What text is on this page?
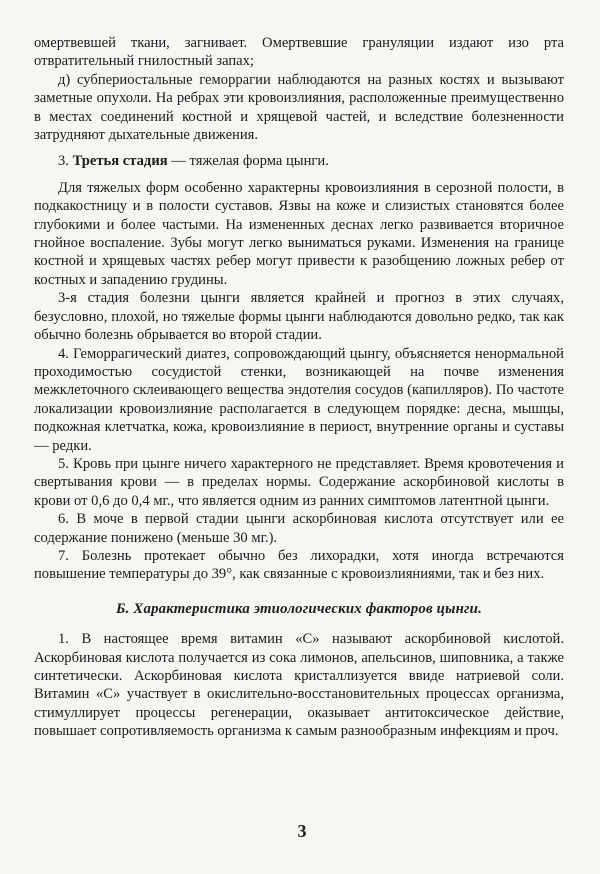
омертвевшей ткани, загнивает. Омертвевшие грануляции издают изо рта отвратительный гнилостный запах;

д) субпериостальные геморрагии наблюдаются на разных костях и вызывают заметные опухоли. На ребрах эти кровоизлияния, расположенные преимущественно в местах соединений костной и хрящевой частей, и вследствие болезненности затрудняют дыхательные движения.

3. Третья стадия — тяжелая форма цынги.

Для тяжелых форм особенно характерны кровоизлияния в серозной полости, в подкакостницу и в полости суставов. Язвы на коже и слизистых становятся более глубокими и более частыми. На измененных деснах легко развивается вторичное гнойное воспаление. Зубы могут легко выниматься руками. Изменения на границе костной и хрящевых частях ребер могут привести к разобщению ложных ребер от костных и западению грудины.

3-я стадия болезни цынги является крайней и прогноз в этих случаях, безусловно, плохой, но тяжелые формы цынги наблюдаются довольно редко, так как обычно болезнь обрывается во второй стадии.

4. Геморрагический диатез, сопровождающий цынгу, объясняется ненормальной проходимостью сосудистой стенки, возникающей на почве изменения межклеточного склеивающего вещества эндотелия сосудов (капилляров). По частоте локализации кровоизлияние располагается в следующем порядке: десна, мышцы, подкожная клетчатка, кожа, кровоизлияние в периост, внутренние органы и суставы — редки.

5. Кровь при цынге ничего характерного не представляет. Время кровотечения и свертывания крови — в пределах нормы. Содержание аскорбиновой кислоты в крови от 0,6 до 0,4 мг., что является одним из ранних симптомов латентной цынги.

6. В моче в первой стадии цынги аскорбиновая кислота отсутствует или ее содержание понижено (меньше 30 мг.).

7. Болезнь протекает обычно без лихорадки, хотя иногда встречаются повышение температуры до 39°, как связанные с кровоизлияниями, так и без них.

Б. Характеристика этиологических факторов цынги.

1. В настоящее время витамин «С» называют аскорбиновой кислотой. Аскорбиновая кислота получается из сока лимонов, апельсинов, шиповника, а также синтетически. Аскорбиновая кислота кристаллизуется ввиде натриевой соли. Витамин «С» участвует в окислительно-восстановительных процессах организма, стимуллирует процессы регенерации, оказывает антитоксическое действие, повышает сопротивляемость организма к самым разнообразным инфекциям и проч.

3
